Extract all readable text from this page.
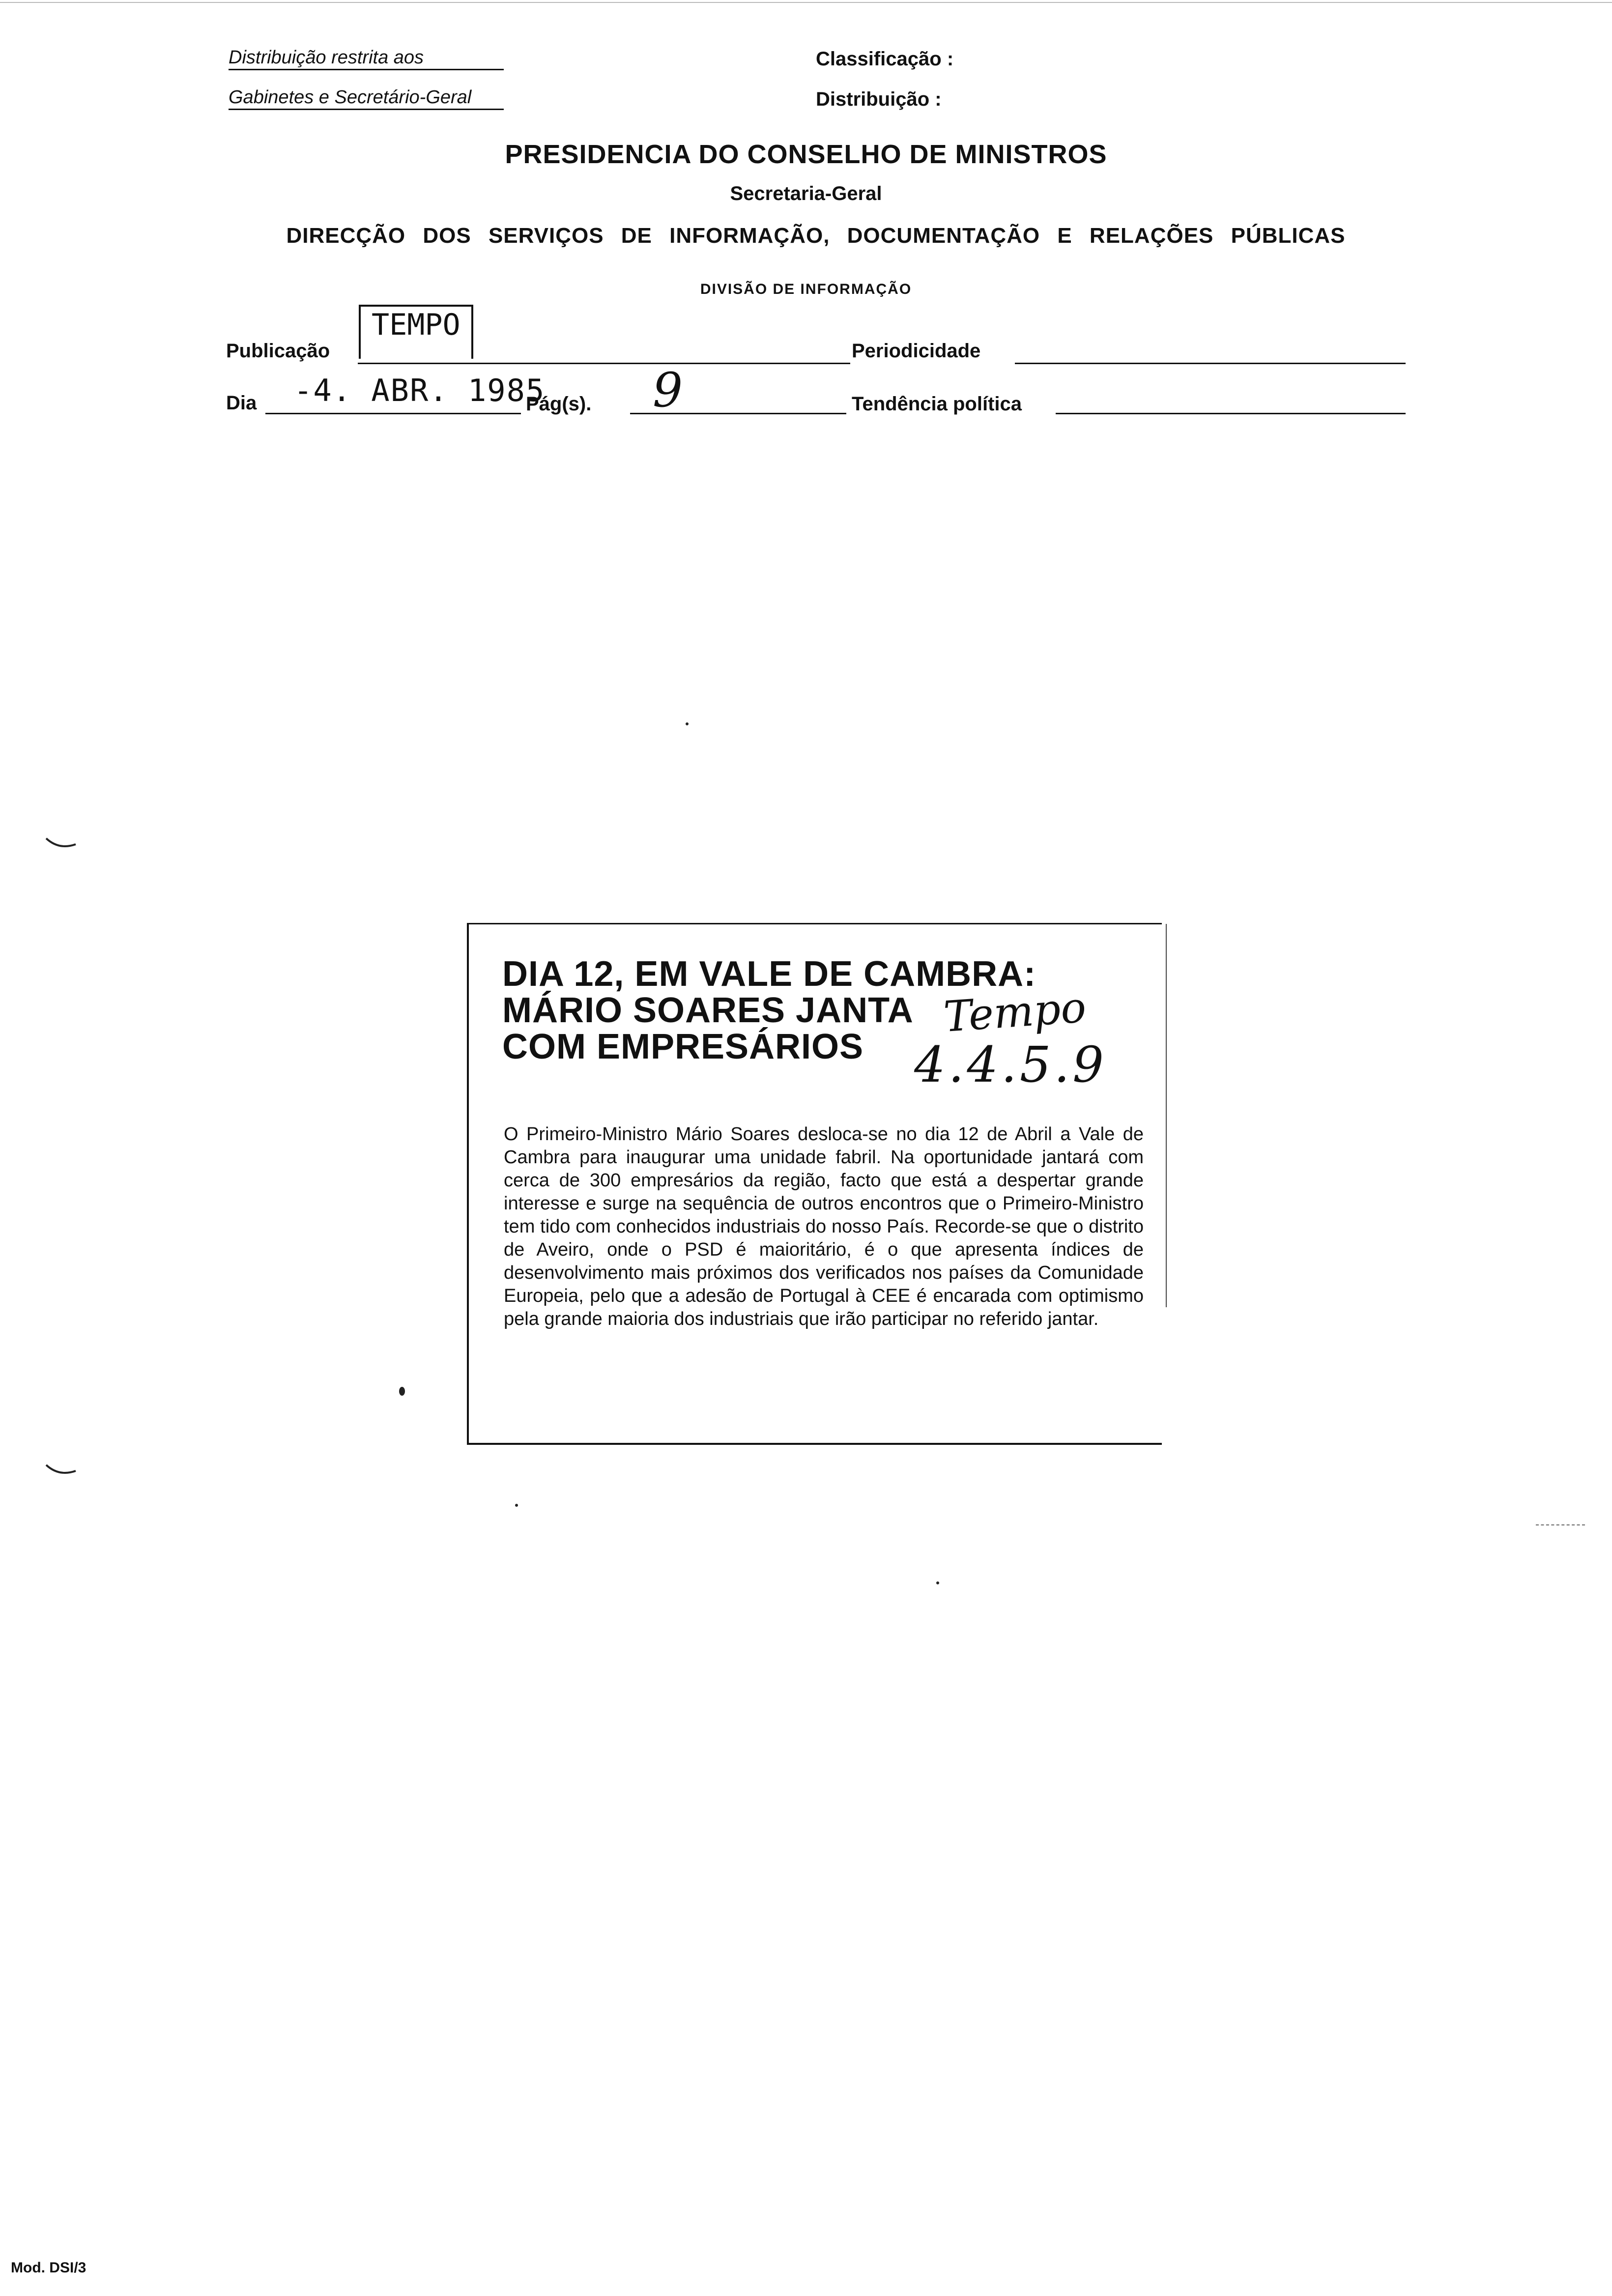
Distribuição restrita aos
Gabinetes e Secretário-Geral
Classificação :
Distribuição :
PRESIDENCIA DO CONSELHO DE MINISTROS
Secretaria-Geral
DIRECÇÃO DOS SERVIÇOS DE INFORMAÇÃO, DOCUMENTAÇÃO E RELAÇÕES PÚBLICAS
DIVISÃO DE INFORMAÇÃO
Publicação
TEMPO
Periodicidade
Dia -4. ABR. 1985
Pág(s). 9	Tendência política
DIA 12, EM VALE DE CAMBRA:
MÁRIO SOARES JANTA
COM EMPRESÁRIOS
Tempo
4.4.5.9
O Primeiro-Ministro Mário Soares desloca-se no dia 12 de Abril a Vale de Cambra para inaugurar uma unidade fabril. Na oportunidade jantará com cerca de 300 empresários da região, facto que está a despertar grande interesse e surge na sequência de outros encontros que o Primeiro-Ministro tem tido com conhecidos industriais do nosso País. Recorde-se que o distrito de Aveiro, onde o PSD é maioritário, é o que apresenta índices de desenvolvimento mais próximos dos verificados nos países da Comunidade Europeia, pelo que a adesão de Portugal à CEE é encarada com optimismo pela grande maioria dos industriais que irão participar no referido jantar.
Mod. DSI/3
